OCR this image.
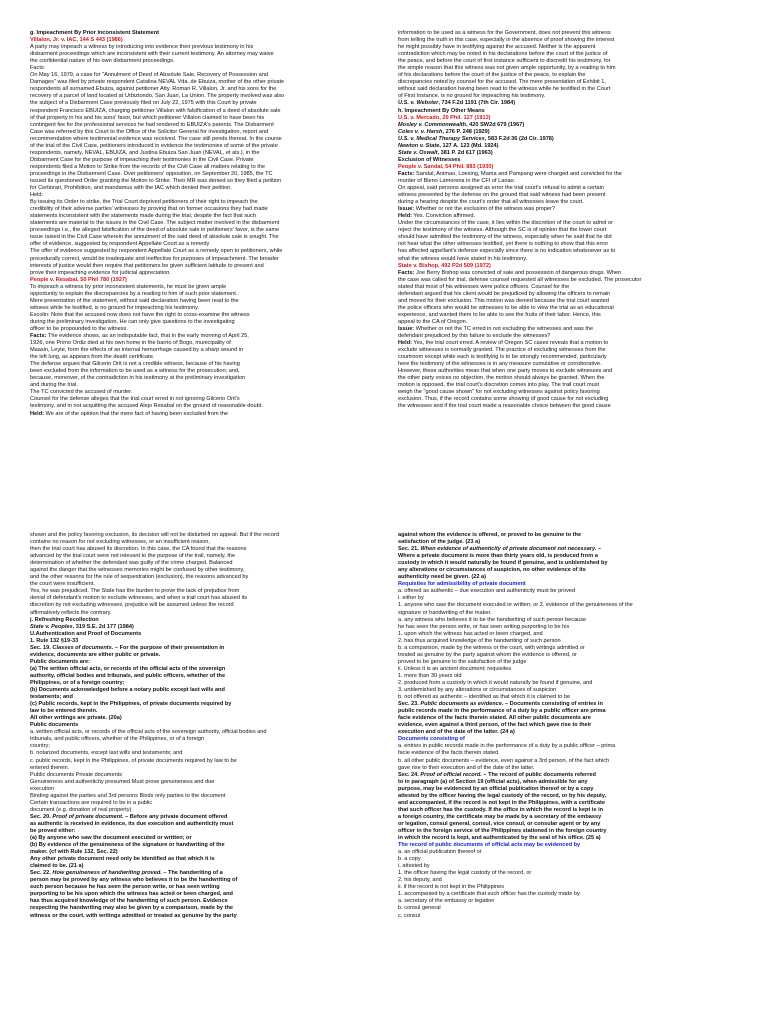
g. Impeachment By Prior Inconsistent Statement
Villalon, Jr. v. IAC, 144 S 443 (1986)
A party may impeach a witness by introducing into evidence their previous testimony in his
disbarment proceedings which are inconsistent with their current testimony. An attorney may waive
the confidential nature of his own disbarment proceedings.
Facts:
On May 16, 1979, a case for "Annulment of Deed of Absolute Sale, Recovery of Possession and
Damages" was filed by private respondent Catalina NEVAL Vda. de Ebuiza, mother of the other private
respondents all surnamed Ebuiza, against petitioner Atty. Roman R. Villalon, Jr. and his sons for the
recovery of a parcel of land located at Urbiztondo, San Juan, La Union. The property involved was also
the subject of a Disbarment Case previously filed on July 22, 1975 with this Court by private
respondent Francisco EBUIZA, charging petitioner Villalon with falsification of a deed of absolute sale
of that property in his and his sons' favor, but which petitioner Villalon claimed to have been his
contingent fee for the professional services he had rendered to EBUIZA's parents. The Disbarment
Case was referred by this Court to the Office of the Solicitor General for investigation, report and
recommendation where testimonial evidence was received. The case still pends thereat. In the course
of the trial of the Civil Case, petitioners introduced in evidence the testimonies of some of the private
respondents, namely, NEVAL, EBUIZA, and Justina Ebuiza San Juan (NEVAL, et als.), in the
Disbarment Case for the purpose of impeaching their testimonies in the Civil Case. Private
respondents filed a Motion to Strike from the records of the Civil Case all matters relating to the
proceedings in the Disbarment Case. Over petitioners' opposition, on September 20, 1985, the TC
issued its questioned Order granting the Motion to Strike. Their MR was denied so they filed a petition
for Certiorari, Prohibition, and mandamus with the IAC which denied their petition.
Held:
By issuing its Order to strike, the Trial Court deprived petitioners of their right to impeach the
credibility of their adverse parties' witnesses by proving that on former occasions they had made
statements inconsistent with the statements made during the trial, despite the fact that such
statements are material to the issues in the Civil Case. The subject matter involved in the disbarment
proceedings i.e., the alleged falsification of the deed of absolute sale in petitioners' favor, is the same
issue raised in the Civil Case wherein the annulment of the said deed of absolute sale is sought. The
offer of evidence, suggested by respondent Appellate Court as a remedy
The offer of evidence suggested by respondent Appellate Court as a remedy open to petitioners, while
procedurally correct, would be inadequate and ineffective for purposes of impeachment. The broader
interests of justice would then require that petitioners be given sufficient latitude to present and
prove their impeaching evidence for judicial appreciation.
People v. Resabal, 50 Phil 780 (1927)
To impeach a witness by prior inconsistent statements, he must be given ample
opportunity to explain the discrepancies by a reading to him of such prior statement.
Mere presentation of the statement, without said declaration having been read to the
witness while he testified, is no ground for impeaching his testimony.
Escolin: Note that the accused now does not have the right to cross-examine the witness
during the preliminary investigation. He can only give questions to the investigating
officer to be propounded to the witness.
Facts: The evidence shows, as an indisputable fact, that in the early morning of April 25,
1926, one Primo Ordiz died at his own home in the barrio of Bogo, municipality of
Maasin, Leyte, form the effects of an internal hemorrhage caused by a sharp wound in
the left lung, as appears from the death certificate.
The defense argues that Gilcerio Orit is not a credible witness, because of his having
been excluded from the information to be used as a witness for the prosecution; and,
because, moreover, of the contradiction in his testimony at the preliminary investigation
and during the trial.
The TC convicted the accused of murder.
Counsel for the defense alleges that the trial court erred in not ignoring Gilcerio Orit's
testimony, and in not acquitting the accused Alejo Resabal on the ground of reasonable doubt.
Held: We are of the opinion that the mere fact of having been excluded from the
information to be used as a witness for the Government, does not prevent this witness
from telling the truth in this case, especially in the absence of proof showing the interest
he might possibly have in testifying against the accused. Neither is the apparent
contradiction which may be noted in his declarations before the court of the justice of
the peace, and before the court of first instance sufficient to discredit his testimony, for
the simple reason that this witness was not given ample opportunity, by a reading to him
of his declarations before the court of the justice of the peace, to explain the
discrepancies noted by counsel for the accused. The mere presentation of Exhibit 1,
without said declaration having been read to the witness while he testified in the Court
of First Instance, is no ground for impeaching his testimony.
U.S. v. Webster, 734 F.2d 1191 (7th Cir. 1984)
h. Impeachment By Other Means
U.S. v. Mercado, 20 Phil. 127 (1913)
Mosley v. Commonwealth, 420 SW2d 679 (1967)
Coles v. v. Harsh, 276 P. 248 (1929)
U.S. v. Medical Therapy Services, 583 F.2d 36 (2d Cir. 1978)
Newton v. State, 127 A. 123 (Md. 1924)
State v. Oswalt, 381 P. 2d 617 (1963)
Exclusion of Witnesses
People v. Sandal, 54 Phil. 883 (1930)
Facts: Sandal, Animao, Loesing, Mama and Pampang were charged and convicted for the
murder of Bleno Lamorena in the CFI of Lanao.
On appeal, said persons assigned as error the trial court's refusal to admit a certain
witness presented by the defense on the ground that said witness had been present
during a hearing despite the court's order that all witnesses leave the court.
Issue: Whether or not the exclusion of the witness was proper?
Held: Yes. Conviction affirmed.
Under the circumstances of the case, it lies within the discretion of the court to admit or
reject the testimony of the witness. Although the SC is of opinion that the lower court
should have admitted the testimony of the witness, especially when he said that he did
not hear what the other witnesses testified, yet there is nothing to show that this error
has affected appellant's defense especially since there is no indication whatsoever as to
what the witness would have stated in his testimony.
State v. Bishop, 492 P2d 509 (1972)
Facts: Joe Berry Bishop was convicted of sale and possession of dangerous drugs. When
the case was called for trial, defense counsel requested all witnesses be excluded. The prosecutor
stated that most of his witnesses were police officers. Counsel for the
defendant argued that his client would be prejudiced by allowing the officers to remain
and moved for their exclusion. This motion was denied because the trial court wanted
the police officers who would be witnesses to be able to view the trial as an educational
experience, and wanted them to be able to see the fruits of their labor. Hence, this
appeal to the CA of Oregon.
Issue: Whether or not the TC erred in not excluding the witnesses and was the
defendant prejudiced by this failure to exclude the witnesses?
Held: Yes, the trial court erred. A review of Oregon SC cases reveals that a motion to
exclude witnesses is normally granted. The practice of excluding witnesses from the
courtroom except while each is testifying is to be strongly recommended, particularly
here the testimony of the witnesses is in any measure cumulative or corroborative.
However, these authorities mean that when one party moves to exclude witnesses and
the other party voices no objection, the motion should always be granted. When the
motion is opposed, the trial court's discretion comes into play. The trail court must
weigh the "good cause shown" for not excluding witnesses against policy favoring
exclusion. Thus, if the record contains some showing of good cause for not excluding
the witnesses and if the trial court made a reasonable choice between the good cause
shown and the policy favoring exclusion, its decision will not be disturbed on appeal. But if the record
contains no reason for not excluding witnesses, or an insufficient reason,
then the trial court has abused its discretion. In this case, the CA found that the reasons
advanced by the trial court were not relevant to the purpose of the trail, namely, the
determination of whether the defendant was guilty of the crime charged. Balanced
against the danger that the witnesses memories might be confused by other testimony,
and the other reasons for the rule of sequestration (exclusion), the reasons advanced by
the court were insufficient.
Yes, he was prejudiced. The State has the burden to prove the lack of prejudice from
denial of defendant's motion to exclude witnesses, and when a trail court has abused its
discretion by not excluding witnesses, prejudice will be assumed unless the record
affirmatively reflects the contrary.
j. Refreshing Recollection
State v. Peoples, 319 S.E. 2d 177 (1984)
U.Authentication and Proof of Documents
1. Rule 132 §19-33
Sec. 19. Classes of documents. – For the purpose of their presentation in
evidence, documents are either public or private.
Public documents are:
(a) The written official acts, or records of the official acts of the sovereign
authority, official bodies and tribunals, and public officers, whether of the
Philippines, or of a foreign country;
(b) Documents acknowledged before a notary public except last wills and
testaments; and
(c) Public records, kept in the Philippines, of private documents required by
law to be entered therein.
All other writings are private. (20a)
Public documents
a. written official acts, or records of the official acts of the sovereign authority, official bodies and
tribunals, and public officers, whether of the Philippines, or of a foreign
country;
b. notarized documents, except last wills and testaments; and
c. public records, kept in the Philippines, of private documents required by law to be
entered therein.
Public documents Private documents
Genuineness and authenticity presumed Must prove genuineness and due
execution
Binding against the parties and 3rd persons Binds only parties to the document
Certain transactions are required to be in a public
document (e.g. donation of real property)
Sec. 20. Proof of private document. – Before any private document offered
as authentic is received in evidence, its due execution and authenticity must
be proved either:
(a) By anyone who saw the document executed or written; or
(b) By evidence of the genuineness of the signature or handwriting of the
maker. (cf with Rule 132, Sec. 22)
Any other private document need only be identified as that which it is
claimed to be. (21 a)
Sec. 22. How genuineness of handwriting proved. – The handwriting of a
person may be proved by any witness who believes it to be the handwriting of
such person because he has seen the person write, or has seen writing
purporting to be his upon which the witness has acted or been charged, and
has thus acquired knowledge of the handwriting of such person. Evidence
respecting the handwriting may also be given by a comparison, made by the
witness or the court, with writings admitted or treated as genuine by the party
against whom the evidence is offered, or proved to be genuine to the
satisfaction of the judge. (23 a)
Sec. 21. When evidence of authenticity of private document not necessary. –
Where a private document is more than thirty years old, is produced from a
custody in which it would naturally be found if genuine, and is unblemished by
any alterations or circumstances of suspicion, no other evidence of its
authenticity need be given. (22 a)
Requisites for admissibility of private document
a. offered as authentic – due execution and authenticity must be proved
i. either by
1. anyone who saw the document executed or written; or 2. evidence of the genuineness of the
signature or handwriting of the maker.
a. any witness who believes it to be the handwriting of such person because
he has seen the person write, or has seen writing purporting to be his
1. upon which the witness has acted or been charged, and
2. has thus acquired knowledge of the handwriting of such person
b. a comparison, made by the witness or the court, with writings admitted or
treated as genuine by the party against whom the evidence is offered, or
proved to be genuine to the satisfaction of the judge
ii. Unless it is an ancient document; requisites
1. more than 30 years old
2. produced from a custody in which it would naturally be found if genuine, and
3. unblemished by any alterations or circumstances of suspicion
b. not offered as authentic – identified as that which it is claimed to be
Sec. 23. Public documents as evidence. – Documents consisting of entries in
public records made in the performance of a duty by a public officer are prima
facie evidence of the facts therein stated. All other public documents are
evidence, even against a third person, of the fact which gave rise to their
execution and of the date of the latter. (24 a)
Documents consisting of
a. entries in public records made in the performance of a duty by a public officer – prima
facie evidence of the facts therein stated.
b. all other public documents – evidence, even against a 3rd person, of the fact which
gave rise to their execution and of the date of the latter.
Sec. 24. Proof of official record. – The record of public documents referred
to in paragraph (a) of Section 19 (official acts), when admissible for any
purpose, may be evidenced by an official publication thereof or by a copy
attested by the officer having the legal custody of the record, or by his deputy,
and accompanied, if the record is not kept in the Philippines, with a certificate
that such officer has the custody. If the office in which the record is kept is in
a foreign country, the certificate may be made by a secretary of the embassy
or legation, consul general, consul, vice consul, or consular agent or by any
officer in the foreign service of the Philippines stationed in the foreign country
in which the record is kept, and authenticated by the seal of his office. (25 a)
The record of public documents of official acts may be evidenced by
a. an official publication thereof or
b. a copy
i. attested by
1. the officer having the legal custody of the record, or
2. his deputy, and
ii. if the record is not kept in the Philippines
1. accompanied by a certificate that such officer has the custody made by
a. secretary of the embassy or legation
b. consul general
c. consul
